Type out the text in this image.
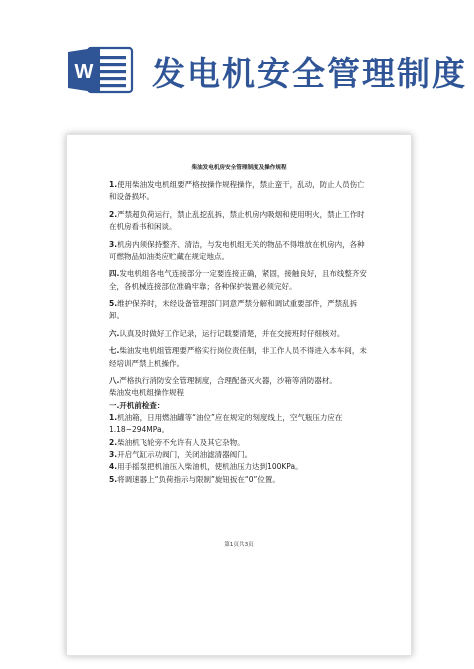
W 发电机安全管理制度
柴油发电机房安全管理制度及操作规程

1.使用柴油发电机组要严格按操作规程操作，禁止蛮干，乱动，防止人员伤亡和设备损坏。

2.严禁超负荷运行，禁止乱挖乱拆，禁止机房内吸烟和使用明火，禁止工作时在机房看书和闲谈。

3.机房内须保持整齐、清洁，与发电机组无关的物品不得堆放在机房内，各种可燃物品如油类应贮藏在规定地点。

四.发电机组各电气连接部分一定要连接正确，紧固，接触良好，且布线整齐安全，各机械连接部位准确牢靠；各种保护装置必须完好。

5.维护保养时，未经设备管理部门同意严禁分解和调试重要部件，严禁乱拆卸。

六.认真及时做好工作记录，运行记载要清楚，并在交接班时仔细核对。

七.柴油发电机组管理要严格实行岗位责任制，非工作人员不得进入本车间，未经培训严禁上机操作。

八.严格执行消防安全管理制度，合理配备灭火器，沙箱等消防器材。

柴油发电机组操作规程

一.开机前检查：

1.机油箱，日用燃油罐等“油位”应在规定的刻度线上，空气瓶压力应在1.18~294MPa。

2.柴油机飞轮旁不允许有人及其它杂物。

3.开启气缸示功阀门，关闭油滤清器阀门。

4.用手摇泵把机油压入柴油机，使机油压力达到100KPa。

5.将调速器上“负荷指示与限制”旋钮扳在“0”位置。

第1页共3页
